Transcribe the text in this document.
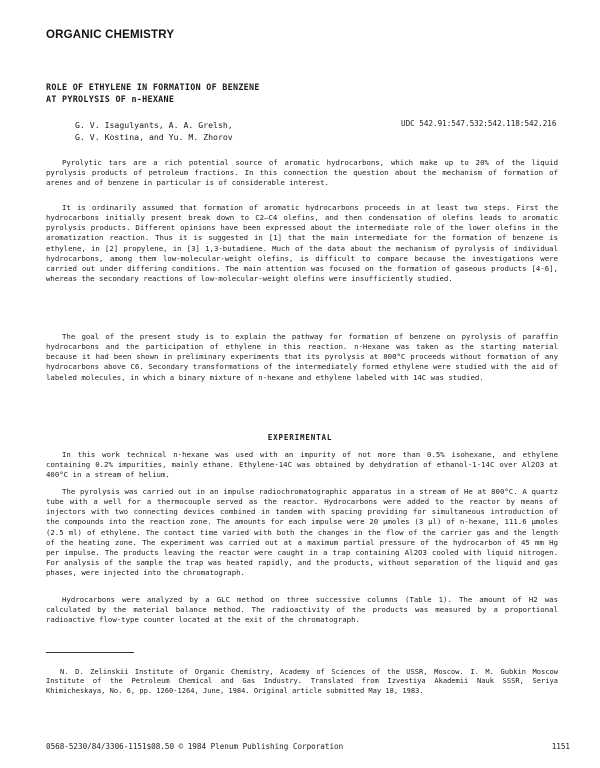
ORGANIC CHEMISTRY
ROLE OF ETHYLENE IN FORMATION OF BENZENE
AT PYROLYSIS OF n-HEXANE
G. V. Isagulyants, A. A. Grelsh,
G. V. Kostina, and Yu. M. Zhorov
UDC 542.91:547.532:542.118:542.216

Pyrolytic tars are a rich potential source of aromatic hydrocarbons, which make up to 20% of the liquid pyrolysis products of petroleum fractions. In this connection the question about the mechanism of formation of arenes and of benzene in particular is of considerable interest.

It is ordinarily assumed that formation of aromatic hydrocarbons proceeds in at least two steps. First the hydrocarbons initially present break down to C2–C4 olefins, and then condensation of olefins leads to aromatic pyrolysis products. Different opinions have been expressed about the intermediate role of the lower olefins in the aromatization reaction. Thus it is suggested in [1] that the main intermediate for the formation of benzene is ethylene, in [2] propylene, in [3] 1,3-butadiene. Much of the data about the mechanism of pyrolysis of individual hydrocarbons, among them low-molecular-weight olefins, is difficult to compare because the investigations were carried out under differing conditions. The main attention was focused on the formation of gaseous products [4-6], whereas the secondary reactions of low-molecular-weight olefins were insufficiently studied.

The goal of the present study is to explain the pathway for formation of benzene on pyrolysis of paraffin hydrocarbons and the participation of ethylene in this reaction. n-Hexane was taken as the starting material because it had been shown in preliminary experiments that its pyrolysis at 800°C proceeds without formation of any hydrocarbons above C6. Secondary transformations of the intermediately formed ethylene were studied with the aid of labeled molecules, in which a binary mixture of n-hexane and ethylene labeled with 14C was studied.

EXPERIMENTAL

In this work technical n-hexane was used with an impurity of not more than 0.5% isohexane, and ethylene containing 0.2% impurities, mainly ethane. Ethylene-14C was obtained by dehydration of ethanol-1-14C over Al2O3 at 400°C in a stream of helium.

The pyrolysis was carried out in an impulse radiochromatographic apparatus in a stream of He at 800°C. A quartz tube with a well for a thermocouple served as the reactor. Hydrocarbons were added to the reactor by means of injectors with two connecting devices combined in tandem with spacing providing for simultaneous introduction of the compounds into the reaction zone. The amounts for each impulse were 20 µmoles (3 µl) of n-hexane, 111.6 µmoles (2.5 ml) of ethylene. The contact time varied with both the changes in the flow of the carrier gas and the length of the heating zone. The experiment was carried out at a maximum partial pressure of the hydrocarbon of 45 mm Hg per impulse. The products leaving the reactor were caught in a trap containing Al2O3 cooled with liquid nitrogen. For analysis of the sample the trap was heated rapidly, and the products, without separation of the liquid and gas phases, were injected into the chromatograph.

Hydrocarbons were analyzed by a GLC method on three successive columns (Table 1). The amount of H2 was calculated by the material balance method. The radioactivity of the products was measured by a proportional radioactive flow-type counter located at the exit of the chromatograph.

N. D. Zelinskii Institute of Organic Chemistry, Academy of Sciences of the USSR, Moscow. I. M. Gubkin Moscow Institute of the Petroleum Chemical and Gas Industry. Translated from Izvestiya Akademii Nauk SSSR, Seriya Khimicheskaya, No. 6, pp. 1260-1264, June, 1984. Original article submitted May 18, 1983.

0568-5230/84/3306-1151$08.50 © 1984 Plenum Publishing Corporation	1151
